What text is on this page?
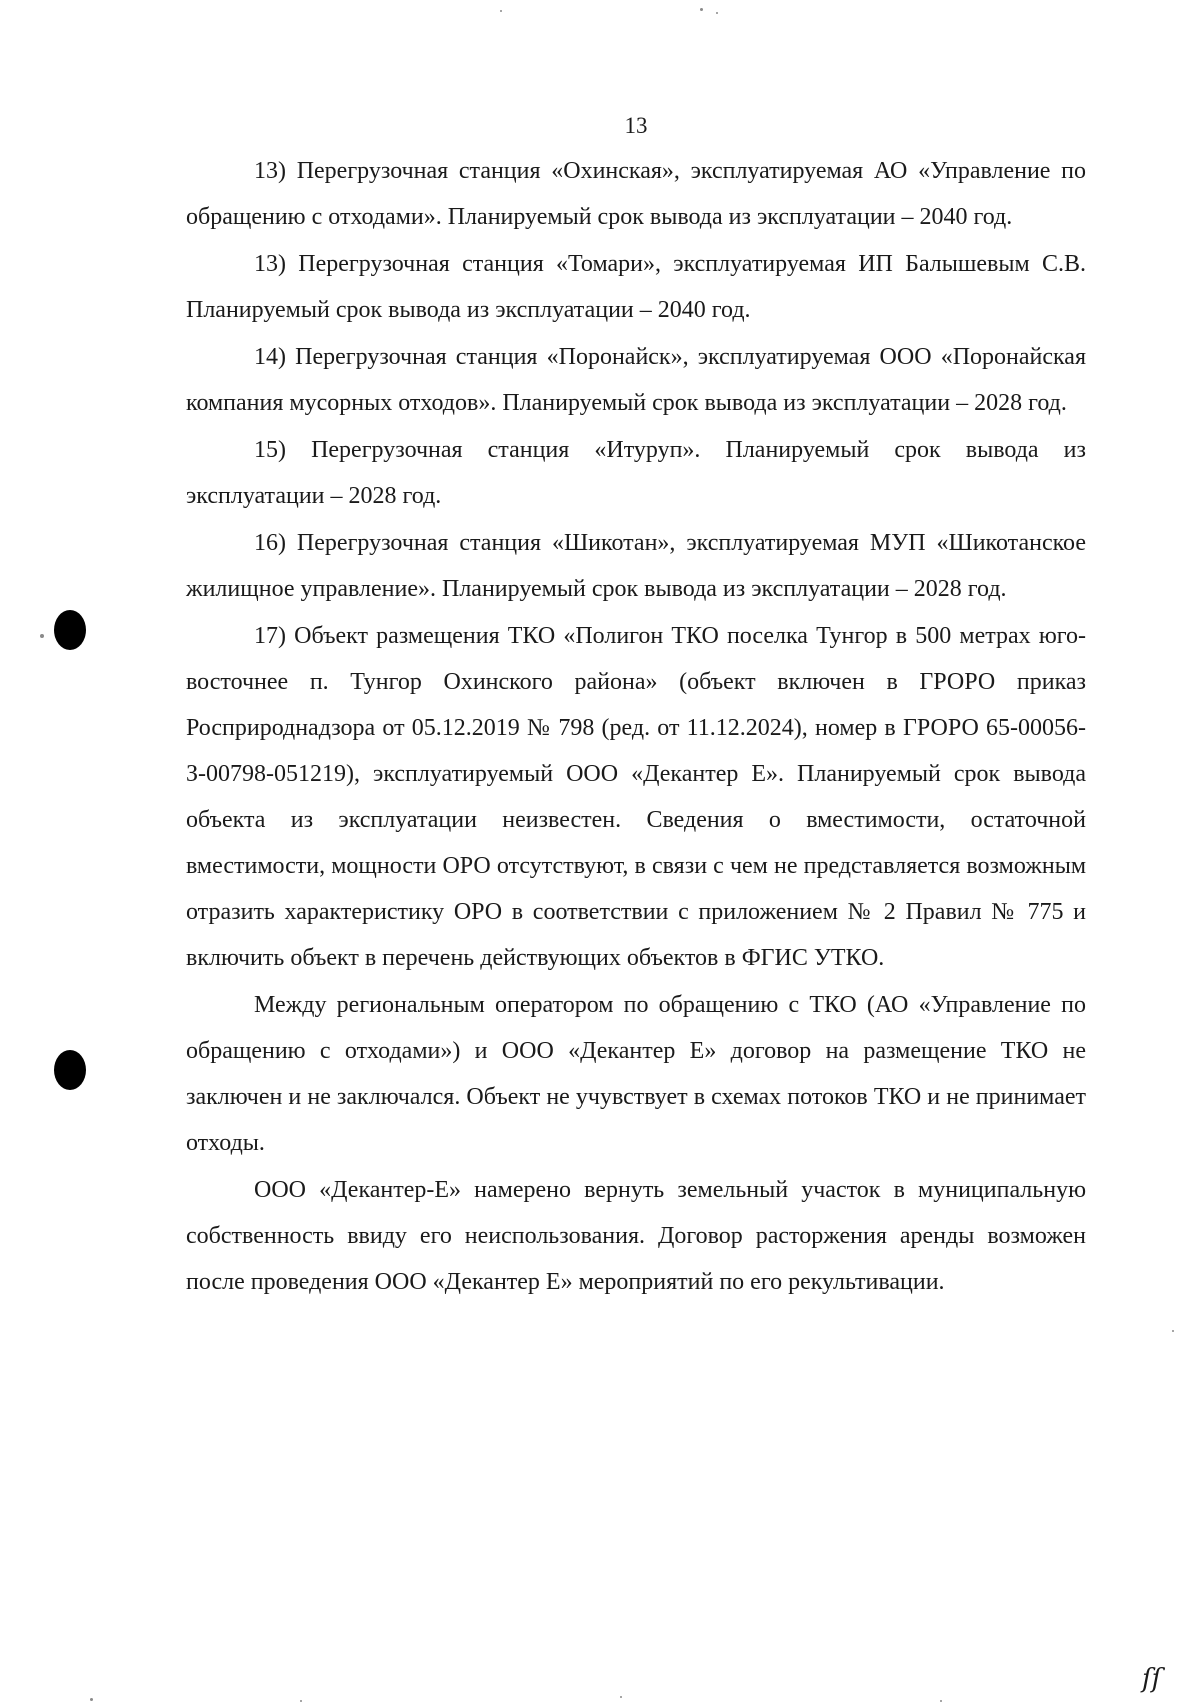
13

13) Перегрузочная станция «Охинская», эксплуатируемая АО «Управление по обращению с отходами». Планируемый срок вывода из эксплуатации – 2040 год.

13) Перегрузочная станция «Томари», эксплуатируемая ИП Балышевым С.В. Планируемый срок вывода из эксплуатации – 2040 год.

14) Перегрузочная станция «Поронайск», эксплуатируемая ООО «Поронайская компания мусорных отходов». Планируемый срок вывода из эксплуатации – 2028 год.

15) Перегрузочная станция «Итуруп». Планируемый срок вывода из эксплуатации – 2028 год.

16) Перегрузочная станция «Шикотан», эксплуатируемая МУП «Шикотанское жилищное управление». Планируемый срок вывода из эксплуатации – 2028 год.

17) Объект размещения ТКО «Полигон ТКО поселка Тунгор в 500 метрах юго-восточнее п. Тунгор Охинского района» (объект включен в ГРОРО приказ Росприроднадзора от 05.12.2019 № 798 (ред. от 11.12.2024), номер в ГРОРО 65-00056-З-00798-051219), эксплуатируемый ООО «Декантер Е». Планируемый срок вывода объекта из эксплуатации неизвестен. Сведения о вместимости, остаточной вместимости, мощности ОРО отсутствуют, в связи с чем не представляется возможным отразить характеристику ОРО в соответствии с приложением № 2 Правил № 775 и включить объект в перечень действующих объектов в ФГИС УТКО.

Между региональным оператором по обращению с ТКО (АО «Управление по обращению с отходами») и ООО «Декантер Е» договор на размещение ТКО не заключен и не заключался. Объект не учувствует в схемах потоков ТКО и не принимает отходы.

ООО «Декантер-Е» намерено вернуть земельный участок в муниципальную собственность ввиду его неиспользования. Договор расторжения аренды возможен после проведения ООО «Декантер Е» мероприятий по его рекультивации.

ſſ
